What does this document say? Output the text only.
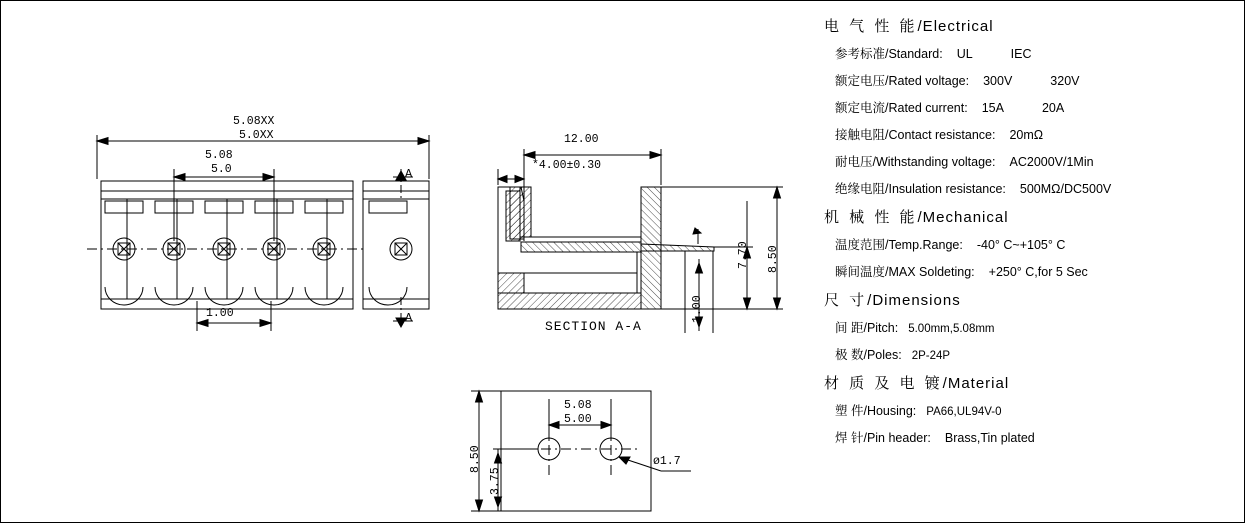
5.08XX
5.0XX
5.08
5.0
1.00
A
A
12.00
*4.00±0.30
7.70 8.50
1.00
SECTION A-A
5.08
5.00
8.50
3.75
ø1.7
电 气 性 能/Electrical
参考标准/Standard: UL	IEC
额定电压/Rated voltage: 300V	320V
额定电流/Rated current: 15A	20A
接触电阻/Contact resistance: 20mΩ
耐电压/Withstanding voltage: AC2000V/1Min
绝缘电阻/Insulation resistance: 500MΩ/DC500V
机 械 性 能/Mechanical
温度范围/Temp.Range: -40° C~+105° C
瞬间温度/MAX Soldeting: +250° C,for 5 Sec
尺 寸/Dimensions
间 距/Pitch: 5.00mm,5.08mm
极 数/Poles: 2P-24P
材 质 及 电 镀/Material
塑 件/Housing: PA66,UL94V-0
焊 针/Pin header: Brass,Tin plated
